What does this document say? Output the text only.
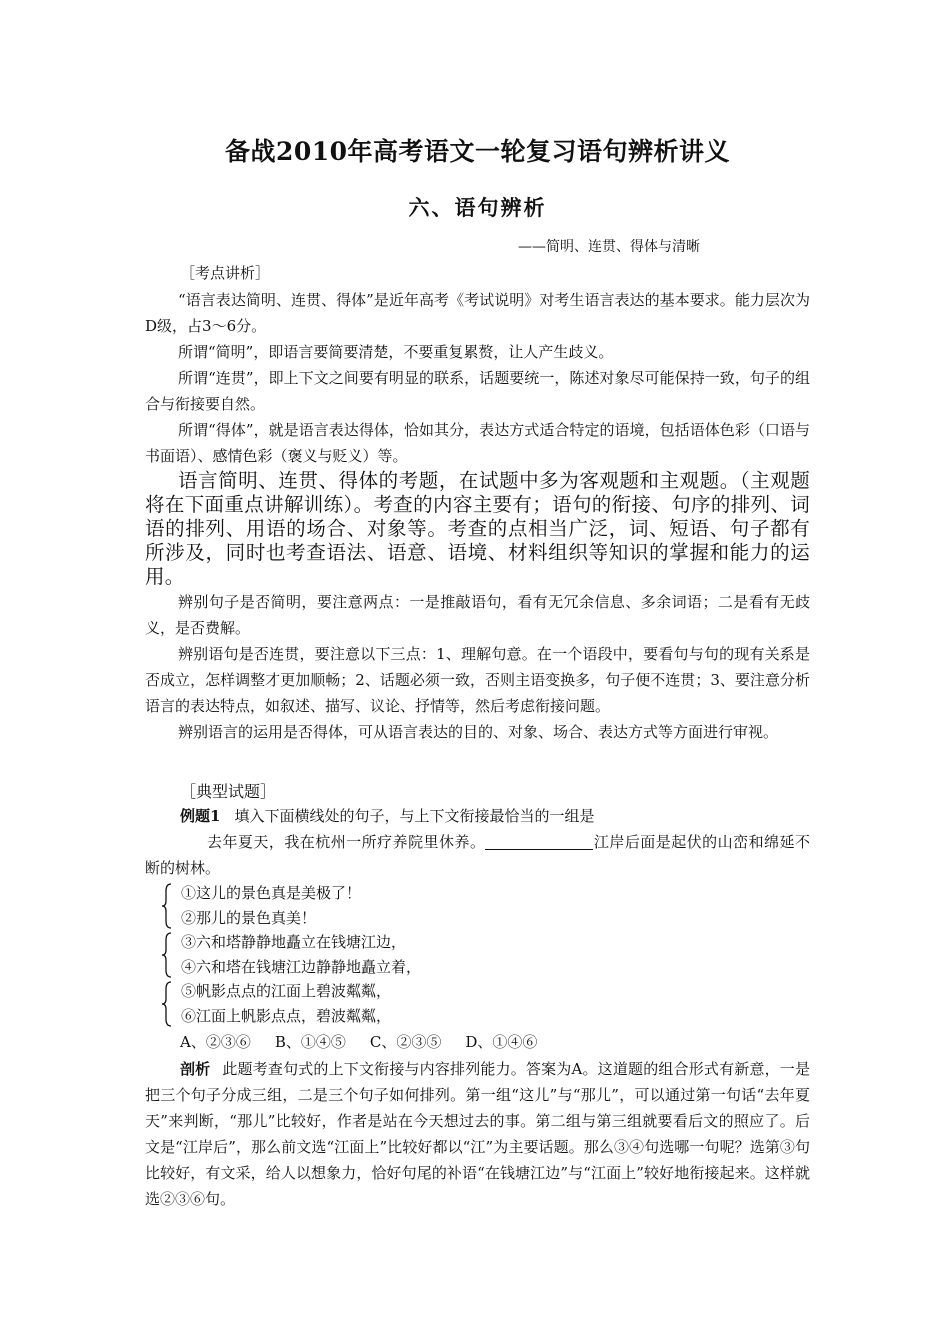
备战2010年高考语文一轮复习语句辨析讲义
六、语句辨析
——简明、连贯、得体与清晰
［考点讲析］

“语言表达简明、连贯、得体”是近年高考《考试说明》对考生语言表达的基本要求。能力层次为D级，占3～6分。

所谓“简明”，即语言要简要清楚，不要重复累赘，让人产生歧义。

所谓“连贯”，即上下文之间要有明显的联系，话题要统一，陈述对象尽可能保持一致，句子的组合与衔接要自然。

所谓“得体”，就是语言表达得体，恰如其分，表达方式适合特定的语境，包括语体色彩（口语与书面语）、感情色彩（褒义与贬义）等。

语言简明、连贯、得体的考题，在试题中多为客观题和主观题。（主观题将在下面重点讲解训练）。考查的内容主要有；语句的衔接、句序的排列、词语的排列、用语的场合、对象等。考查的点相当广泛，词、短语、句子都有所涉及，同时也考查语法、语意、语境、材料组织等知识的掌握和能力的运用。

辨别句子是否简明，要注意两点：一是推敲语句，看有无冗余信息、多余词语；二是看有无歧义，是否费解。

辨别语句是否连贯，要注意以下三点：1、理解句意。在一个语段中，要看句与句的现有关系是否成立，怎样调整才更加顺畅；2、话题必须一致，否则主语变换多，句子便不连贯；3、要注意分析语言的表达特点，如叙述、描写、议论、抒情等，然后考虑衔接问题。

辨别语言的运用是否得体，可从语言表达的目的、对象、场合、表达方式等方面进行审视。

［典型试题］
例题1 填入下面横线处的句子，与上下文衔接最恰当的一组是

去年夏天，我在杭州一所疗养院里休养。	江岸后面是起伏的山峦和绵延不断的树林。

①这儿的景色真是美极了！
②那儿的景色真美！
③六和塔静静地矗立在钱塘江边，
④六和塔在钱塘江边静静地矗立着，
⑤帆影点点的江面上碧波粼粼，
⑥江面上帆影点点，碧波粼粼，
A、②③⑥ B、①④⑤ C、②③⑤ D、①④⑥

剖析 此题考查句式的上下文衔接与内容排列能力。答案为A。这道题的组合形式有新意，一是把三个句子分成三组，二是三个句子如何排列。第一组“这儿”与“那儿”，可以通过第一句话“去年夏天”来判断，“那儿”比较好，作者是站在今天想过去的事。第二组与第三组就要看后文的照应了。后文是“江岸后”，那么前文选“江面上”比较好都以“江”为主要话题。那么③④句选哪一句呢？选第③句比较好，有文采，给人以想象力，恰好句尾的补语“在钱塘江边”与“江面上”较好地衔接起来。这样就选②③⑥句。
